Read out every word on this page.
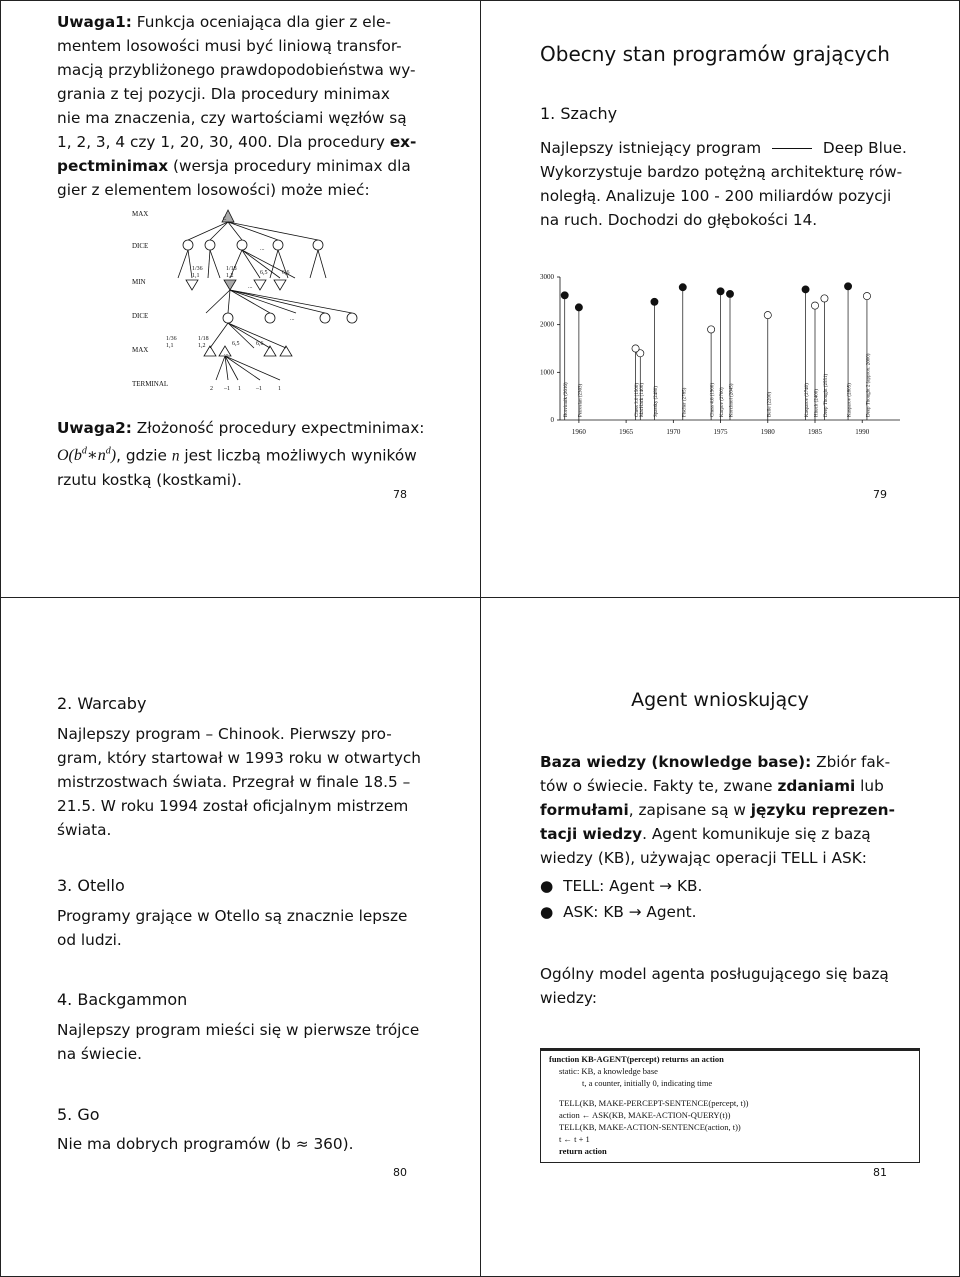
Uwaga1: Funkcja oceniająca dla gier z ele-
mentem losowości musi być liniową transfor-
macją przybliżonego prawdopodobieństwa wy-
grania z tej pozycji. Dla procedury minimax
nie ma znaczenia, czy wartościami węzłów są
1, 2, 3, 4 czy 1, 20, 30, 400. Dla procedury ex-
pectminimax (wersja procedury minimax dla
gier z elementem losowości) może mieć:
MAX
DICE
MIN
DICE
MAX
TERMINAL
C
...
1/36
1,1
1/18
1,2	6,5 6,6
...
...
1/36
1,1
1/18
1,2	6,5	6,6
...
2 –1 1	–1	1
Uwaga2: Złożoność procedury expectminimax:
$O(b^d∗n^d)$, gdzie n jest liczbą możliwych wyników
rzutu kostką (kostkami).
78
Obecny stan programów grających
1. Szachy
Najlepszy istniejący program	Deep Blue.
Wykorzystuje bardzo potężną architekturę rów-
noległą. Analizuje 100 - 200 miliardów pozycji
na ruch. Dochodzi do głębokości 14.
0
1000
2000
3000
1960	1965	1970	1975	1980	1985	1990
Botvinnik (2616) Petrosian (2363)	MacHack (1400) Spassky (2480)
Chess 3.0 (1500)	Fischer (2785)	Chess 4.6 (1900) Karpov (2700) Korchnoi (2645)	Belle (2200)	Kasparov (2740) Hitech (2400) Deep Thought (2551)	Kasparov (2805)	Deep Thought 2 (approx. 2600)
79
2. Warcaby
Najlepszy program – Chinook. Pierwszy pro-
gram, który startował w 1993 roku w otwartych
mistrzostwach świata. Przegrał w finale 18.5 –
21.5. W roku 1994 został oficjalnym mistrzem
świata.
3. Otello
Programy grające w Otello są znacznie lepsze
od ludzi.
4. Backgammon
Najlepszy program mieści się w pierwsze trójce
na świecie.
5. Go
Nie ma dobrych programów (b ≈ 360).
80
Agent wnioskujący
Baza wiedzy (knowledge base): Zbiór fak-
tów o świecie. Fakty te, zwane zdaniami lub
formułami, zapisane są w języku reprezen-
tacji wiedzy. Agent komunikuje się z bazą
wiedzy (KB), używając operacji TELL i ASK:
● TELL: Agent → KB.
● ASK: KB → Agent.
Ogólny model agenta posługującego się bazą
wiedzy:
function KB-AGENT(percept) returns an action
static: KB, a knowledge base
t, a counter, initially 0, indicating time
TELL(KB, MAKE-PERCEPT-SENTENCE(percept, t))
action ← ASK(KB, MAKE-ACTION-QUERY(t))
TELL(KB, MAKE-ACTION-SENTENCE(action, t))
t ← t + 1
return action
81
